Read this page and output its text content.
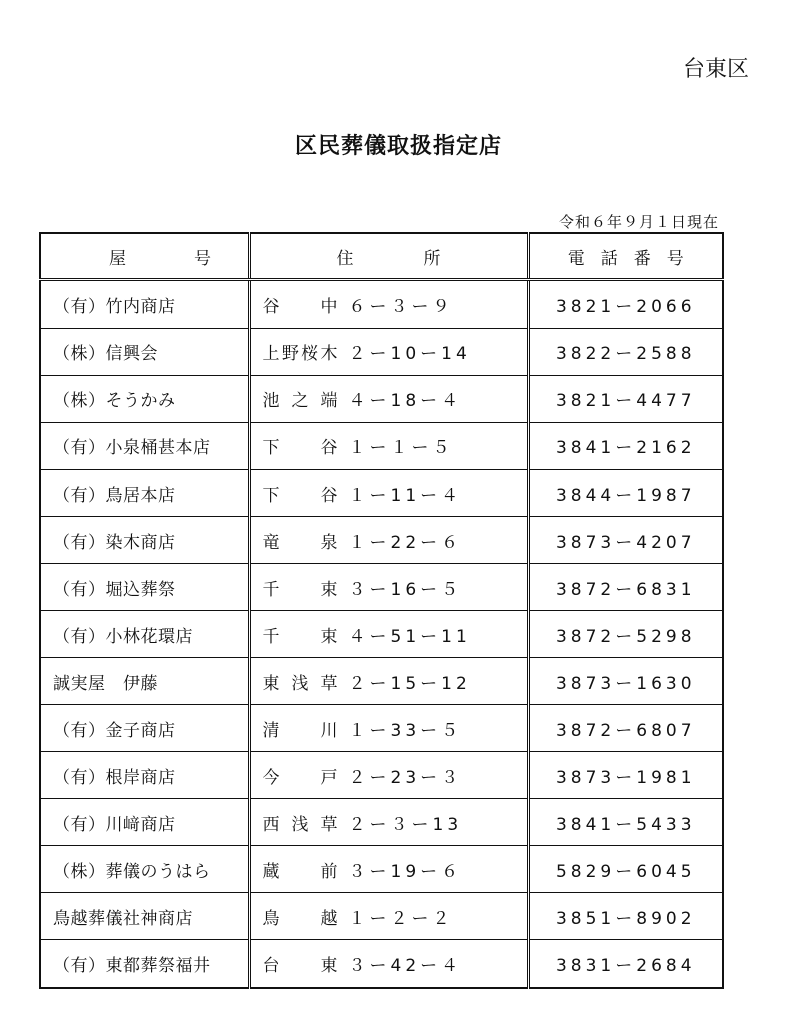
台東区
区民葬儀取扱指定店
令和６年９月１日現在
屋号	住所	電話番号
（有）竹内商店	谷中 ６ー３ー９	3821ー2066
（株）信興会	上野桜木 ２ー10ー14	3822ー2588
（株）そうかみ	池之端 ４ー18ー４	3821ー4477
（有）小泉桶甚本店	下谷 １ー１ー５	3841ー2162
（有）鳥居本店	下谷 １ー11ー４	3844ー1987
（有）染木商店	竜泉 １ー22ー６	3873ー4207
（有）堀込葬祭	千束 ３ー16ー５	3872ー6831
（有）小林花環店	千束 ４ー51ー11	3872ー5298
誠実屋　伊藤	東浅草 ２ー15ー12	3873ー1630
（有）金子商店	清川 １ー33ー５	3872ー6807
（有）根岸商店	今戸 ２ー23ー３	3873ー1981
（有）川﨑商店	西浅草 ２ー３ー13	3841ー5433
（株）葬儀のうはら	蔵前 ３ー19ー６	5829ー6045
鳥越葬儀社神商店	鳥越 １ー２ー２	3851ー8902
（有）東都葬祭福井	台東 ３ー42ー４	3831ー2684
